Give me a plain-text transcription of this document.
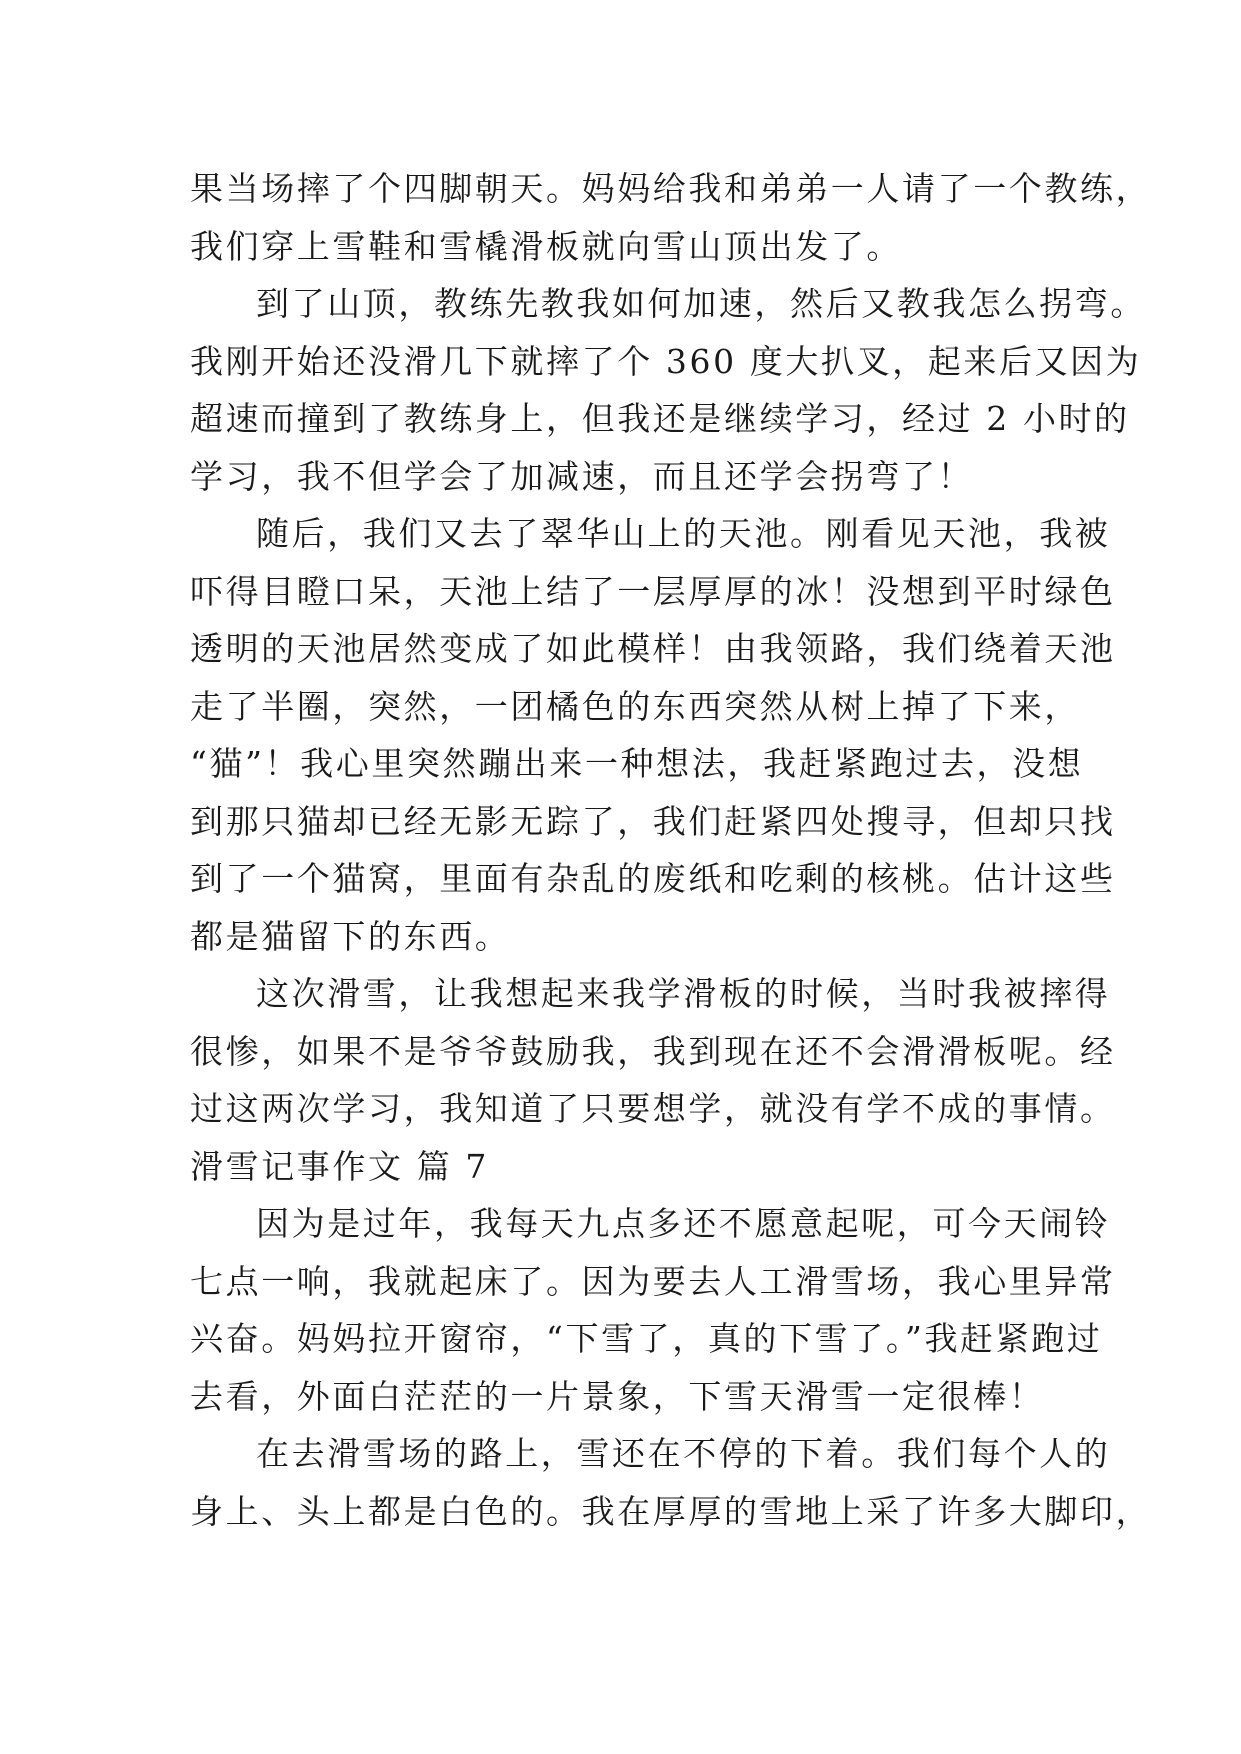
果当场摔了个四脚朝天。妈妈给我和弟弟一人请了一个教练，
我们穿上雪鞋和雪橇滑板就向雪山顶出发了。
到了山顶，教练先教我如何加速，然后又教我怎么拐弯。
我刚开始还没滑几下就摔了个 360 度大扒叉，起来后又因为
超速而撞到了教练身上，但我还是继续学习，经过 2 小时的
学习，我不但学会了加减速，而且还学会拐弯了！
随后，我们又去了翠华山上的天池。刚看见天池，我被
吓得目瞪口呆，天池上结了一层厚厚的冰！没想到平时绿色
透明的天池居然变成了如此模样！由我领路，我们绕着天池
走了半圈，突然，一团橘色的东西突然从树上掉了下来，
“猫”！我心里突然蹦出来一种想法，我赶紧跑过去，没想
到那只猫却已经无影无踪了，我们赶紧四处搜寻，但却只找
到了一个猫窝，里面有杂乱的废纸和吃剩的核桃。估计这些
都是猫留下的东西。
这次滑雪，让我想起来我学滑板的时候，当时我被摔得
很惨，如果不是爷爷鼓励我，我到现在还不会滑滑板呢。经
过这两次学习，我知道了只要想学，就没有学不成的事情。
滑雪记事作文 篇 7
因为是过年，我每天九点多还不愿意起呢，可今天闹铃
七点一响，我就起床了。因为要去人工滑雪场，我心里异常
兴奋。妈妈拉开窗帘，“下雪了，真的下雪了。”我赶紧跑过
去看，外面白茫茫的一片景象，下雪天滑雪一定很棒！
在去滑雪场的路上，雪还在不停的下着。我们每个人的
身上、头上都是白色的。我在厚厚的雪地上采了许多大脚印，
